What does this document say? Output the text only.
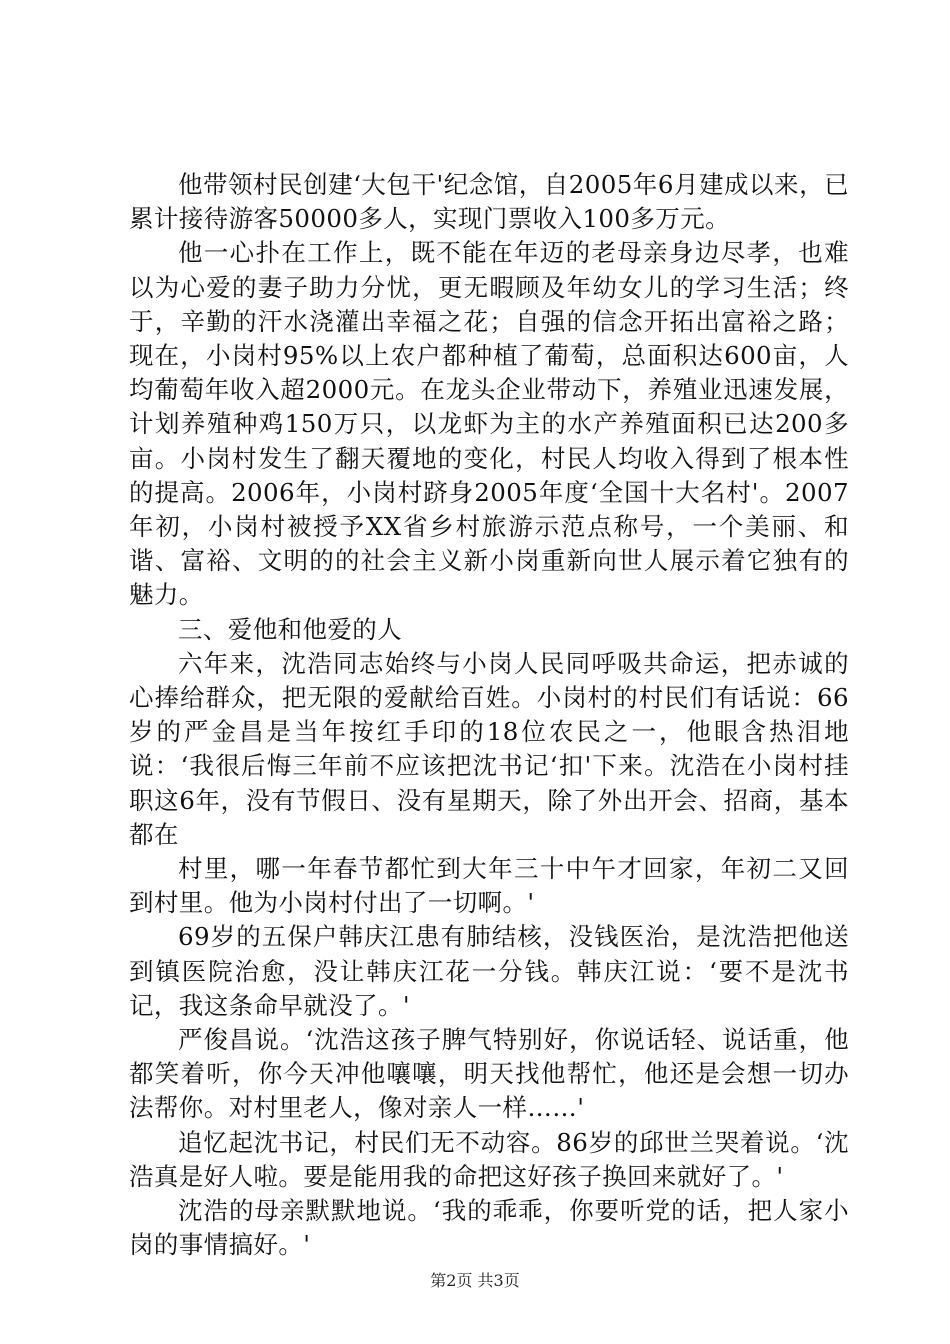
他带领村民创建‘大包干'纪念馆，自2005年6月建成以来，已累计接待游客50000多人，实现门票收入100多万元。

他一心扑在工作上，既不能在年迈的老母亲身边尽孝，也难以为心爱的妻子助力分忧，更无暇顾及年幼女儿的学习生活；终于，辛勤的汗水浇灌出幸福之花；自强的信念开拓出富裕之路；现在，小岗村95%以上农户都种植了葡萄，总面积达600亩，人均葡萄年收入超2000元。在龙头企业带动下，养殖业迅速发展，计划养殖种鸡150万只，以龙虾为主的水产养殖面积已达200多亩。小岗村发生了翻天覆地的变化，村民人均收入得到了根本性的提高。2006年，小岗村跻身2005年度‘全国十大名村'。2007年初，小岗村被授予XX省乡村旅游示范点称号，一个美丽、和谐、富裕、文明的的社会主义新小岗重新向世人展示着它独有的魅力。

三、爱他和他爱的人

六年来，沈浩同志始终与小岗人民同呼吸共命运，把赤诚的心捧给群众，把无限的爱献给百姓。小岗村的村民们有话说：66岁的严金昌是当年按红手印的18位农民之一，他眼含热泪地说：‘我很后悔三年前不应该把沈书记‘扣'下来。沈浩在小岗村挂职这6年，没有节假日、没有星期天，除了外出开会、招商，基本都在

村里，哪一年春节都忙到大年三十中午才回家，年初二又回到村里。他为小岗村付出了一切啊。'

69岁的五保户韩庆江患有肺结核，没钱医治，是沈浩把他送到镇医院治愈，没让韩庆江花一分钱。韩庆江说：‘要不是沈书记，我这条命早就没了。'

严俊昌说。‘沈浩这孩子脾气特别好，你说话轻、说话重，他都笑着听，你今天冲他嚷嚷，明天找他帮忙，他还是会想一切办法帮你。对村里老人，像对亲人一样……'

追忆起沈书记，村民们无不动容。86岁的邱世兰哭着说。‘沈浩真是好人啦。要是能用我的命把这好孩子换回来就好了。'

沈浩的母亲默默地说。‘我的乖乖，你要听党的话，把人家小岗的事情搞好。'

第2页 共3页
